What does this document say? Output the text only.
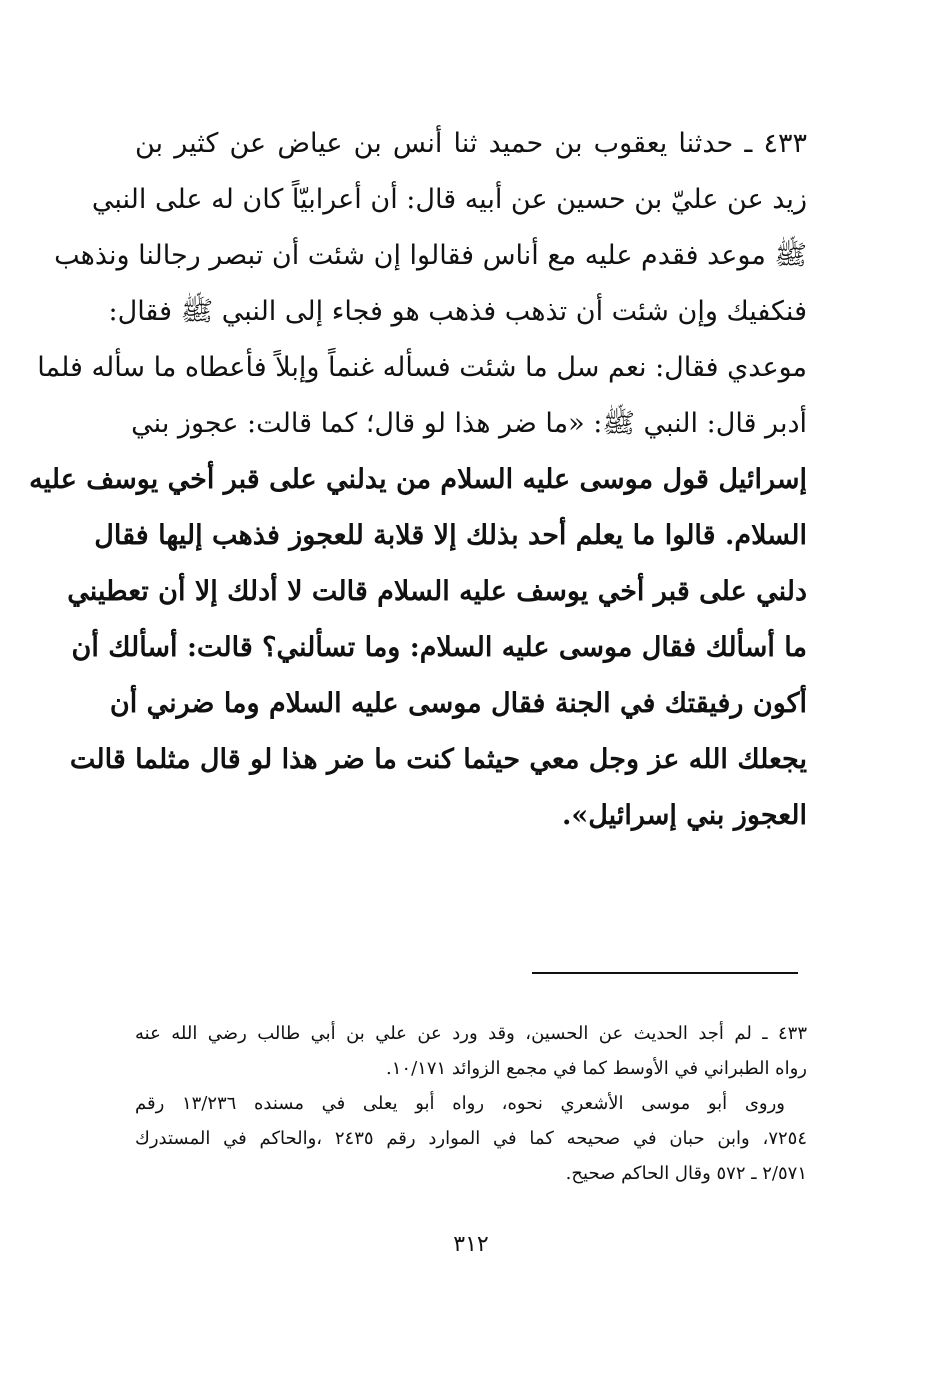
٤٣٣ ـ حدثنا يعقوب بن حميد ثنا أنس بن عياض عن كثير بن
زيد عن عليّ بن حسين عن أبيه قال: أن أعرابيّاً كان له على النبي
ﷺ موعد فقدم عليه مع أناس فقالوا إن شئت أن تبصر رجالنا ونذهب
فنكفيك وإن شئت أن تذهب فذهب هو فجاء إلى النبي ﷺ فقال:
موعدي فقال: نعم سل ما شئت فسأله غنماً وإبلاً فأعطاه ما سأله فلما
أدبر قال: النبي ﷺ: «ما ضر هذا لو قال؛ كما قالت: عجوز بني
إسرائيل قول موسى عليه السلام من يدلني على قبر أخي يوسف عليه
السلام. قالوا ما يعلم أحد بذلك إلا قلابة للعجوز فذهب إليها فقال
دلني على قبر أخي يوسف عليه السلام قالت لا أدلك إلا أن تعطيني
ما أسألك فقال موسى عليه السلام: وما تسألني؟ قالت: أسألك أن
أكون رفيقتك في الجنة فقال موسى عليه السلام وما ضرني أن
يجعلك الله عز وجل معي حيثما كنت ما ضر هذا لو قال مثلما قالت
العجوز بني إسرائيل».
٤٣٣ ـ لم أجد الحديث عن الحسين، وقد ورد عن علي بن أبي طالب رضي الله عنه
رواه الطبراني في الأوسط كما في مجمع الزوائد ١٠/١٧١.
وروى أبو موسى الأشعري نحوه، رواه أبو يعلى في مسنده ١٣/٢٣٦ رقم
٧٢٥٤، وابن حبان في صحيحه كما في الموارد رقم ٢٤٣٥ ،والحاكم في المستدرك
٢/٥٧١ ـ ٥٧٢ وقال الحاكم صحيح.
٣١٢
